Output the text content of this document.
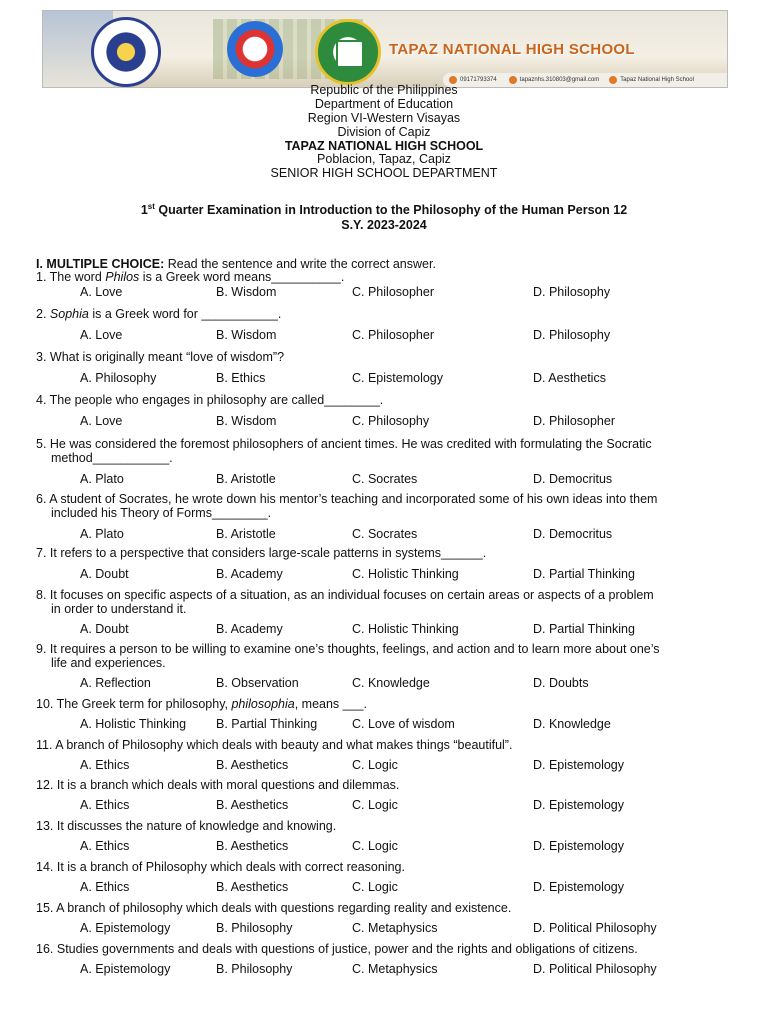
TAPAZ NATIONAL HIGH SCHOOL
09171793374	tapaznhs.310803@gmail.com	Tapaz National High School
Republic of the Philippines
Department of Education
Region VI-Western Visayas
Division of Capiz
TAPAZ NATIONAL HIGH SCHOOL
Poblacion, Tapaz, Capiz
SENIOR HIGH SCHOOL DEPARTMENT
1st Quarter Examination in Introduction to the Philosophy of the Human Person 12
S.Y. 2023-2024
I. MULTIPLE CHOICE: Read the sentence and write the correct answer.
1. The word Philos is a Greek word means__________.
A. Love	B. Wisdom	C. Philosopher	D. Philosophy
2. Sophia is a Greek word for ___________.
A. Love	B. Wisdom	C. Philosopher	D. Philosophy
3. What is originally meant “love of wisdom”?
A. Philosophy	B. Ethics	C. Epistemology	D. Aesthetics
4. The people who engages in philosophy are called________.
A. Love	B. Wisdom	C. Philosophy	D. Philosopher
5. He was considered the foremost philosophers of ancient times. He was credited with formulating the Socratic
method___________.
A. Plato	B. Aristotle	C. Socrates	D. Democritus
6. A student of Socrates, he wrote down his mentor’s teaching and incorporated some of his own ideas into them
included his Theory of Forms________.
A. Plato	B. Aristotle	C. Socrates	D. Democritus
7. It refers to a perspective that considers large-scale patterns in systems______.
A. Doubt	B. Academy	C. Holistic Thinking	D. Partial Thinking
8. It focuses on specific aspects of a situation, as an individual focuses on certain areas or aspects of a problem
in order to understand it.
A. Doubt	B. Academy	C. Holistic Thinking	D. Partial Thinking
9. It requires a person to be willing to examine one’s thoughts, feelings, and action and to learn more about one’s
life and experiences.
A. Reflection	B. Observation	C. Knowledge	D. Doubts
10. The Greek term for philosophy, philosophia, means ___.
A. Holistic Thinking B. Partial Thinking	C. Love of wisdom	D. Knowledge
11. A branch of Philosophy which deals with beauty and what makes things “beautiful”.
A. Ethics	B. Aesthetics	C. Logic	D. Epistemology
12. It is a branch which deals with moral questions and dilemmas.
A. Ethics	B. Aesthetics	C. Logic	D. Epistemology
13. It discusses the nature of knowledge and knowing.
A. Ethics	B. Aesthetics	C. Logic	D. Epistemology
14. It is a branch of Philosophy which deals with correct reasoning.
A. Ethics	B. Aesthetics	C. Logic	D. Epistemology
15. A branch of philosophy which deals with questions regarding reality and existence.
A. Epistemology	B. Philosophy	C. Metaphysics	D. Political Philosophy
16. Studies governments and deals with questions of justice, power and the rights and obligations of citizens.
A. Epistemology	B. Philosophy	C. Metaphysics	D. Political Philosophy
